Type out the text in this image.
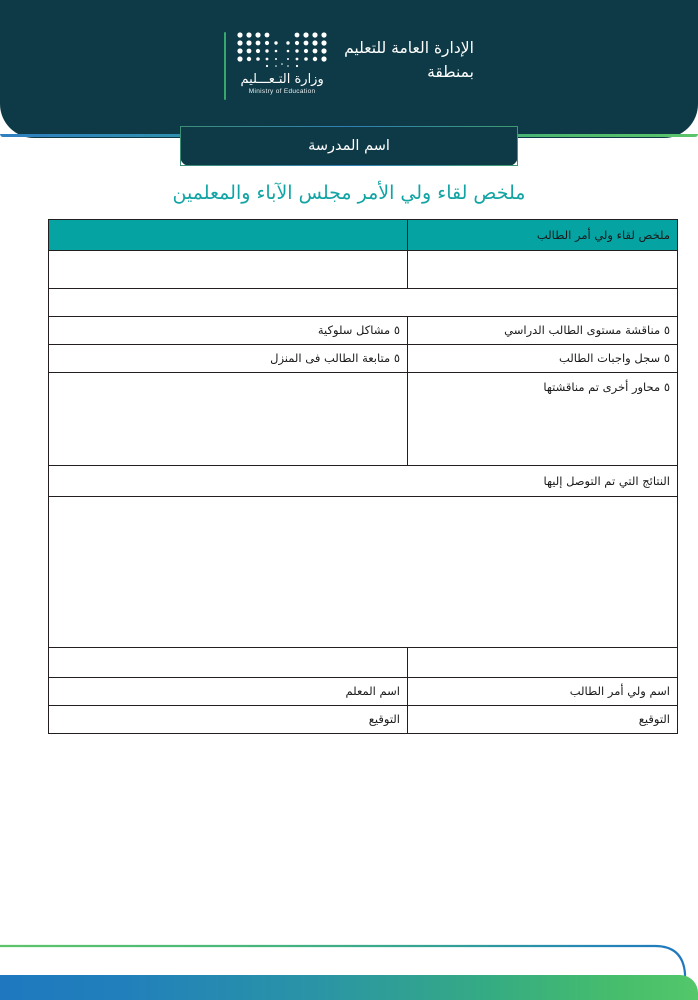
الإدارة العامة للتعليم
بمنطقة
وزارة التـعـــليم
Ministry of Education
اسم المدرسة
ملخص لقاء ولي الأمر مجلس الآباء والمعلمين
ملخص لقاء ولي أمر الطالب	

٥ مناقشة مستوى الطالب الدراسي	٥ مشاكل سلوكية
٥ سجل واجبات الطالب	٥ متابعة الطالب فى المنزل

٥ محاور أخرى تم مناقشتها	

النتائج التي تم التوصل إليها	

اسم ولي أمر الطالب	اسم المعلم
التوقيع	التوقيع
